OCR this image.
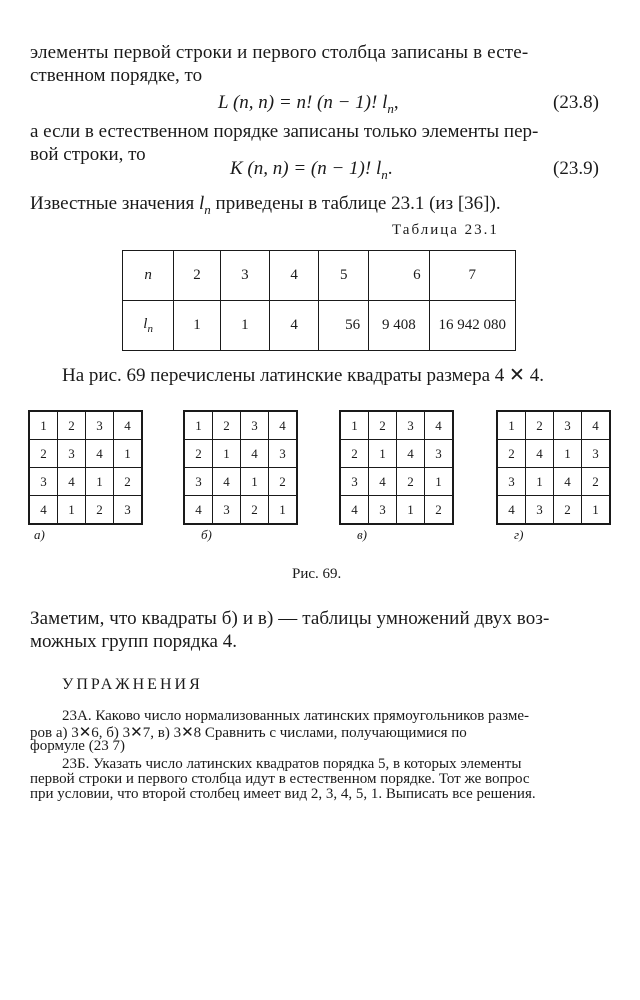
элементы первой строки и первого столбца записаны в есте-
ственном порядке, то
L (n, n) = n! (n − 1)! $l_n$,	(23.8)
а если в естественном порядке записаны только элементы пер-
вой строки, то
K (n, n) = (n − 1)! $l_n$.	(23.9)
Известные значения $l_n$ приведены в таблице 23.1 (из [36]).
Таблица 23.1
n	2	3	4	5	6	7
$l_n$	1	1	4	56	9 408	16 942 080
На рис. 69 перечислены латинские квадраты размера 4 ✕ 4.
1	2	3	4
2	3	4	1
3	4	1	2
4	1	2	3
а)
1	2	3	4
2	1	4	3
3	4	1	2
4	3	2	1
б)
1	2	3	4
2	1	4	3
3	4	2	1
4	3	1	2
в)
1	2	3	4
2	4	1	3
3	1	4	2
4	3	2	1
г)
Рис. 69.
Заметим, что квадраты б) и в) — таблицы умножений двух воз-
можных групп порядка 4.
УПРАЖНЕНИЯ
23А. Каково число нормализованных латинских прямоугольников разме-
ров а) 3✕6, б) 3✕7, в) 3✕8 Сравнить с числами, получающимися по
формуле (23 7)
23Б. Указать число латинских квадратов порядка 5, в которых элементы
первой строки и первого столбца идут в естественном порядке. Тот же вопрос
при условии, что второй столбец имеет вид 2, 3, 4, 5, 1. Выписать все решения.
